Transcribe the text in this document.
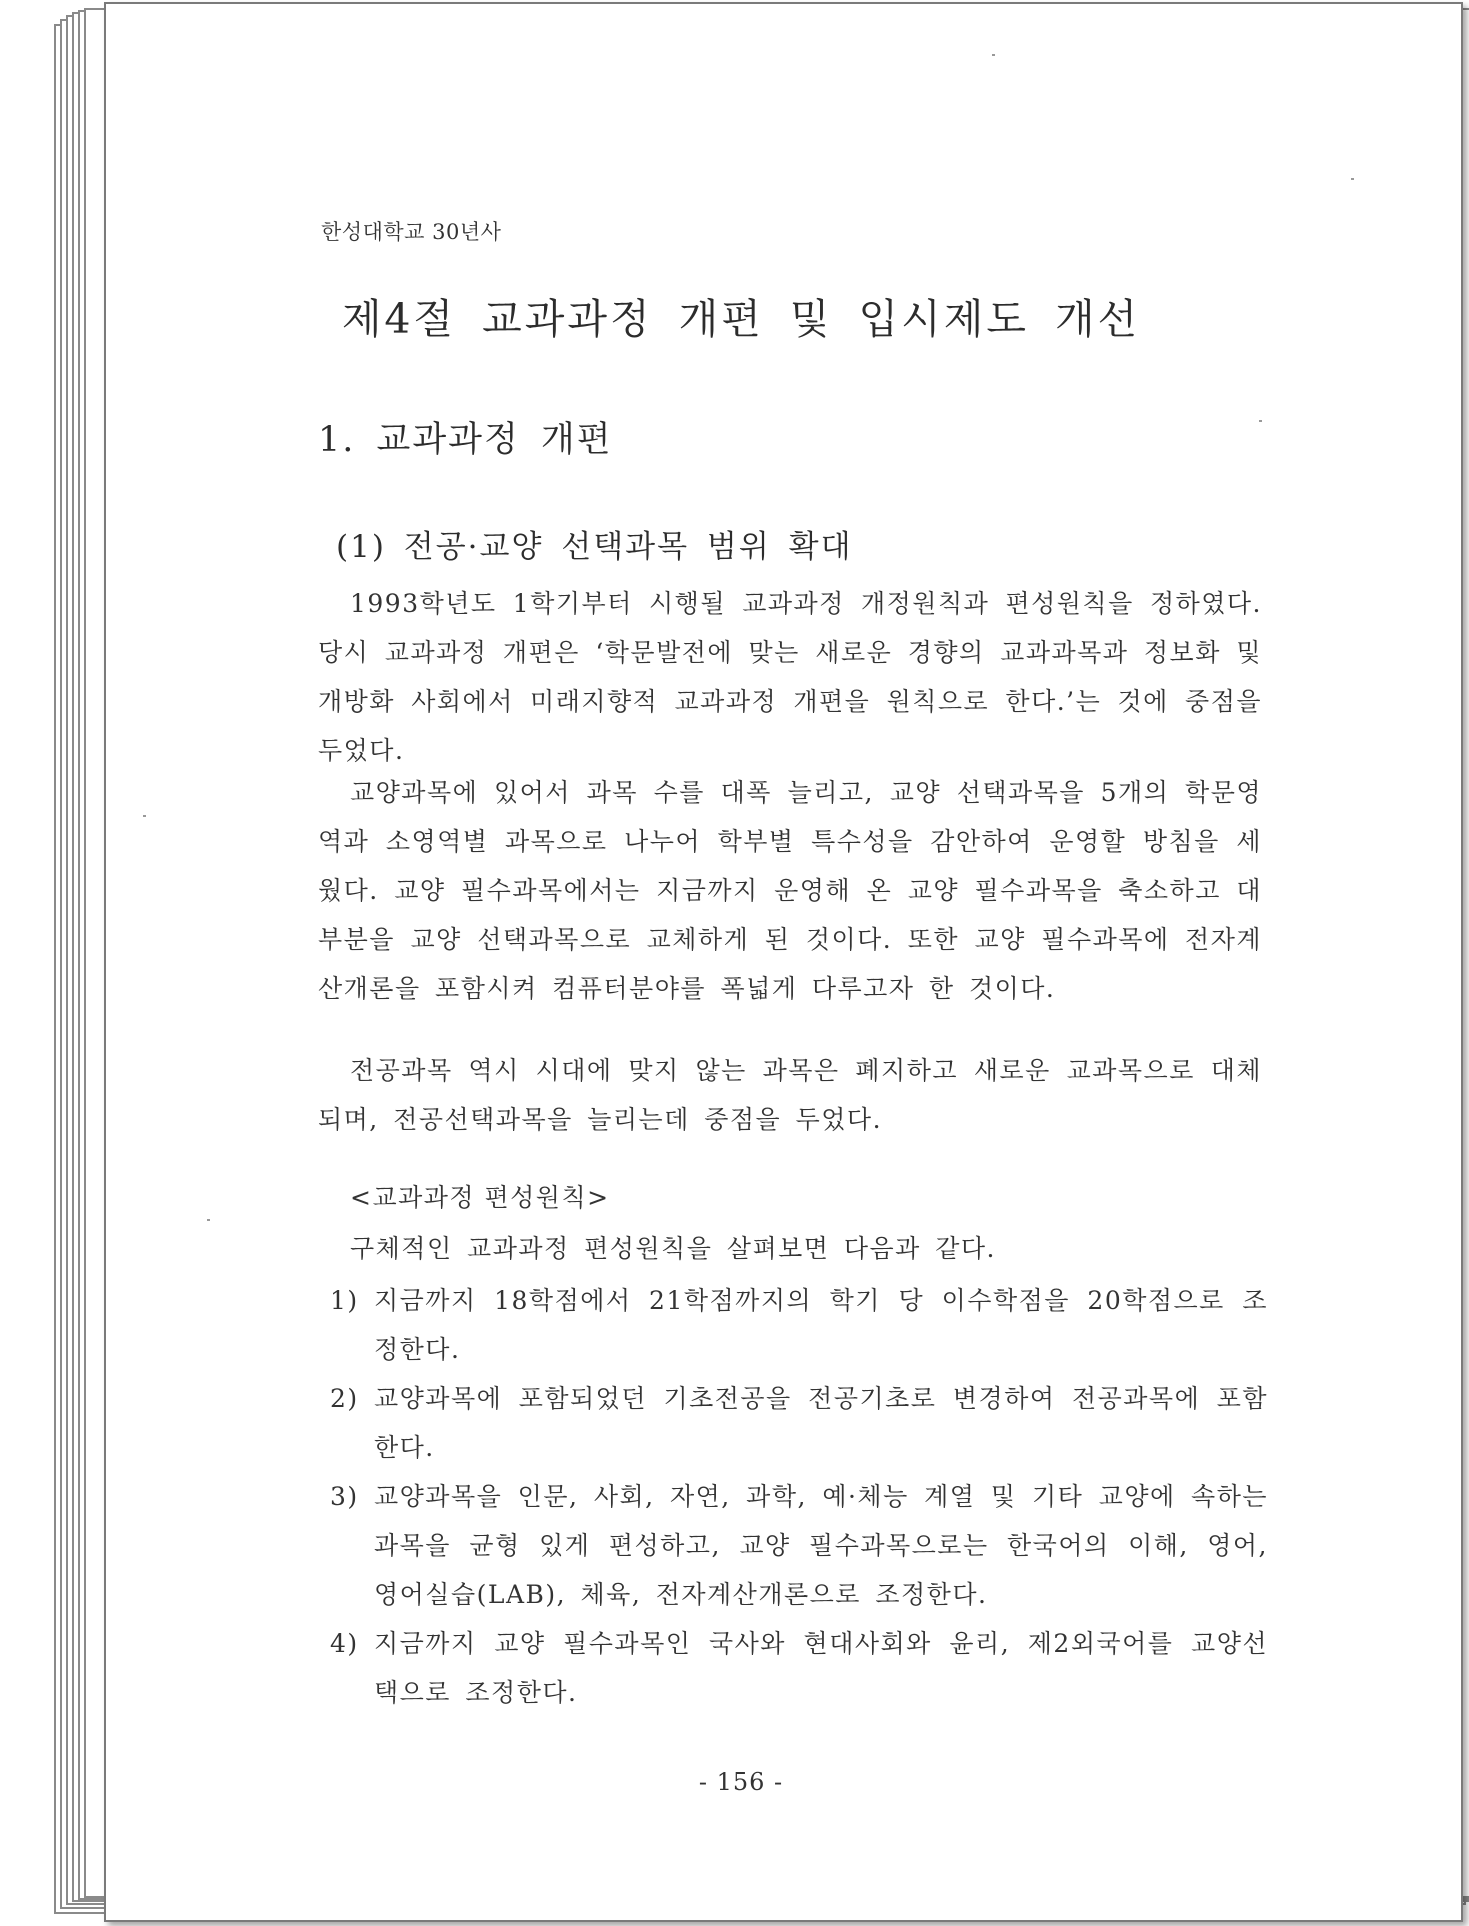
한성대학교 30년사
제4절 교과과정 개편 및 입시제도 개선
1. 교과과정 개편
(1) 전공·교양 선택과목 범위 확대

1993학년도 1학기부터 시행될 교과과정 개정원칙과 편성원칙을 정하였다. 당시 교과과정 개편은 ‘학문발전에 맞는 새로운 경향의 교과과목과 정보화 및 개방화 사회에서 미래지향적 교과과정 개편을 원칙으로 한다.’는 것에 중점을 두었다.

교양과목에 있어서 과목 수를 대폭 늘리고, 교양 선택과목을 5개의 학문영역과 소영역별 과목으로 나누어 학부별 특수성을 감안하여 운영할 방침을 세웠다. 교양 필수과목에서는 지금까지 운영해 온 교양 필수과목을 축소하고 대부분을 교양 선택과목으로 교체하게 된 것이다. 또한 교양 필수과목에 전자계산개론을 포함시켜 컴퓨터분야를 폭넓게 다루고자 한 것이다.

전공과목 역시 시대에 맞지 않는 과목은 폐지하고 새로운 교과목으로 대체되며, 전공선택과목을 늘리는데 중점을 두었다.

<교과과정 편성원칙>
구체적인 교과과정 편성원칙을 살펴보면 다음과 같다.
1) 지금까지 18학점에서 21학점까지의 학기 당 이수학점을 20학점으로 조정한다.
2) 교양과목에 포함되었던 기초전공을 전공기초로 변경하여 전공과목에 포함한다.
3) 교양과목을 인문, 사회, 자연, 과학, 예·체능 계열 및 기타 교양에 속하는 과목을 균형 있게 편성하고, 교양 필수과목으로는 한국어의 이해, 영어, 영어실습(LAB), 체육, 전자계산개론으로 조정한다.
4) 지금까지 교양 필수과목인 국사와 현대사회와 윤리, 제2외국어를 교양선택으로 조정한다.
- 156 -
